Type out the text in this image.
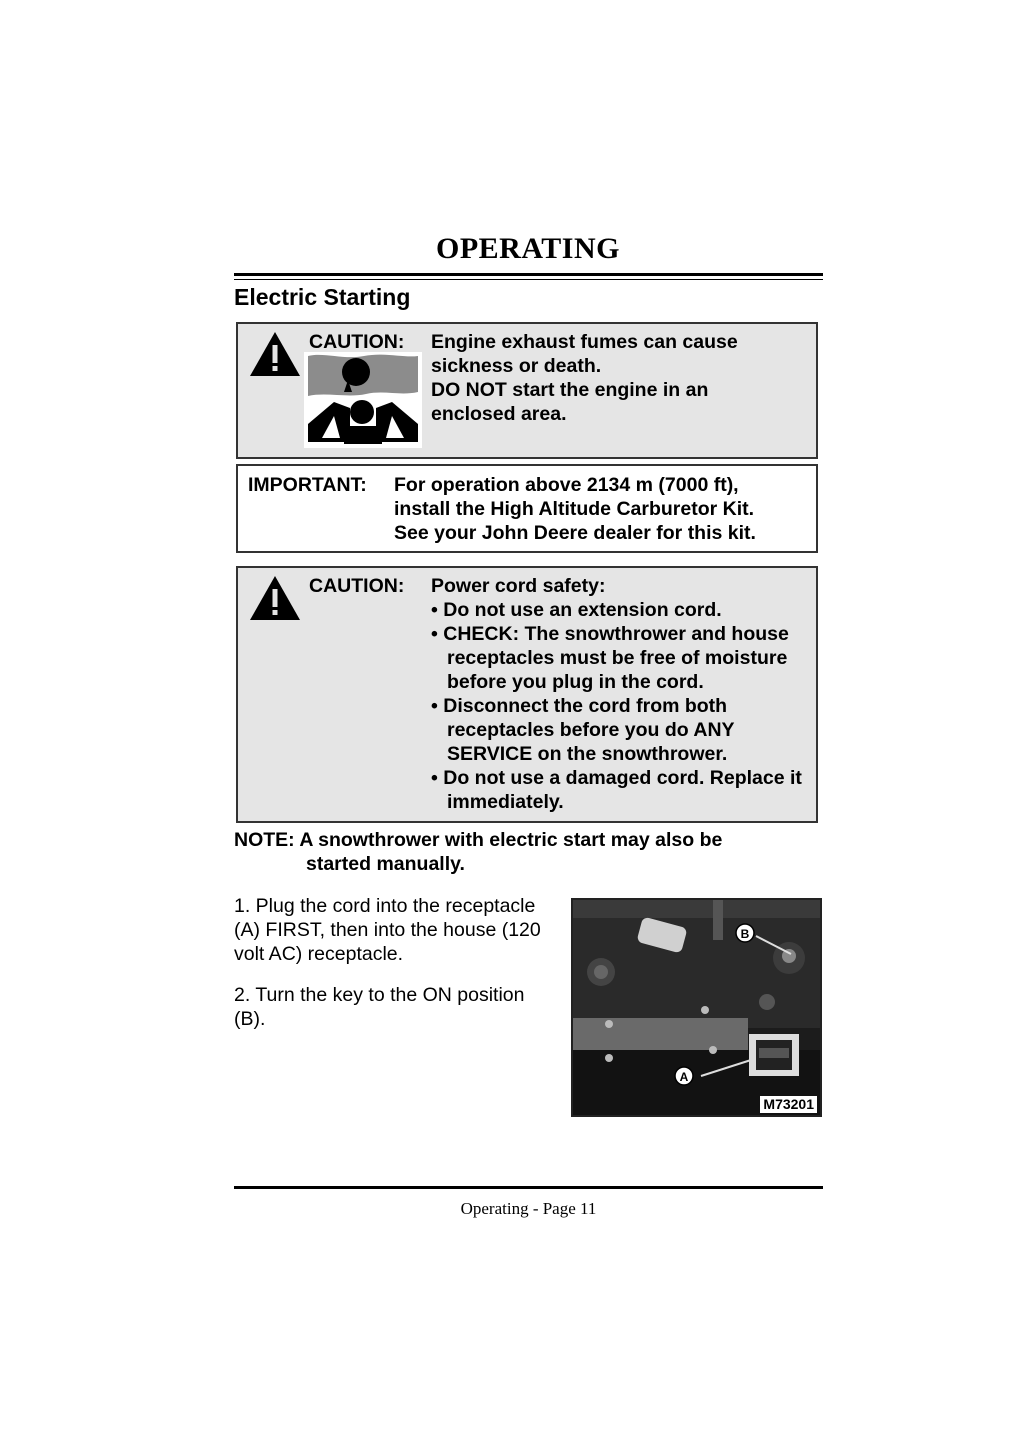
OPERATING
Electric Starting
CAUTION: Engine exhaust fumes can cause
sickness or death.
DO NOT start the engine in an
enclosed area.
IMPORTANT: For operation above 2134 m (7000 ft),
install the High Altitude Carburetor Kit.
See your John Deere dealer for this kit.
CAUTION: Power cord safety:
• Do not use an extension cord.
• CHECK: The snowthrower and house receptacles must be free of moisture before you plug in the cord.
• Disconnect the cord from both receptacles before you do ANY SERVICE on the snowthrower.
• Do not use a damaged cord. Replace it immediately.
NOTE: A snowthrower with electric start may also be
started manually.

1. Plug the cord into the receptacle (A) FIRST, then into the house (120 volt AC) receptacle.

2. Turn the key to the ON position (B).

B
A
M73201
Operating - Page 11
